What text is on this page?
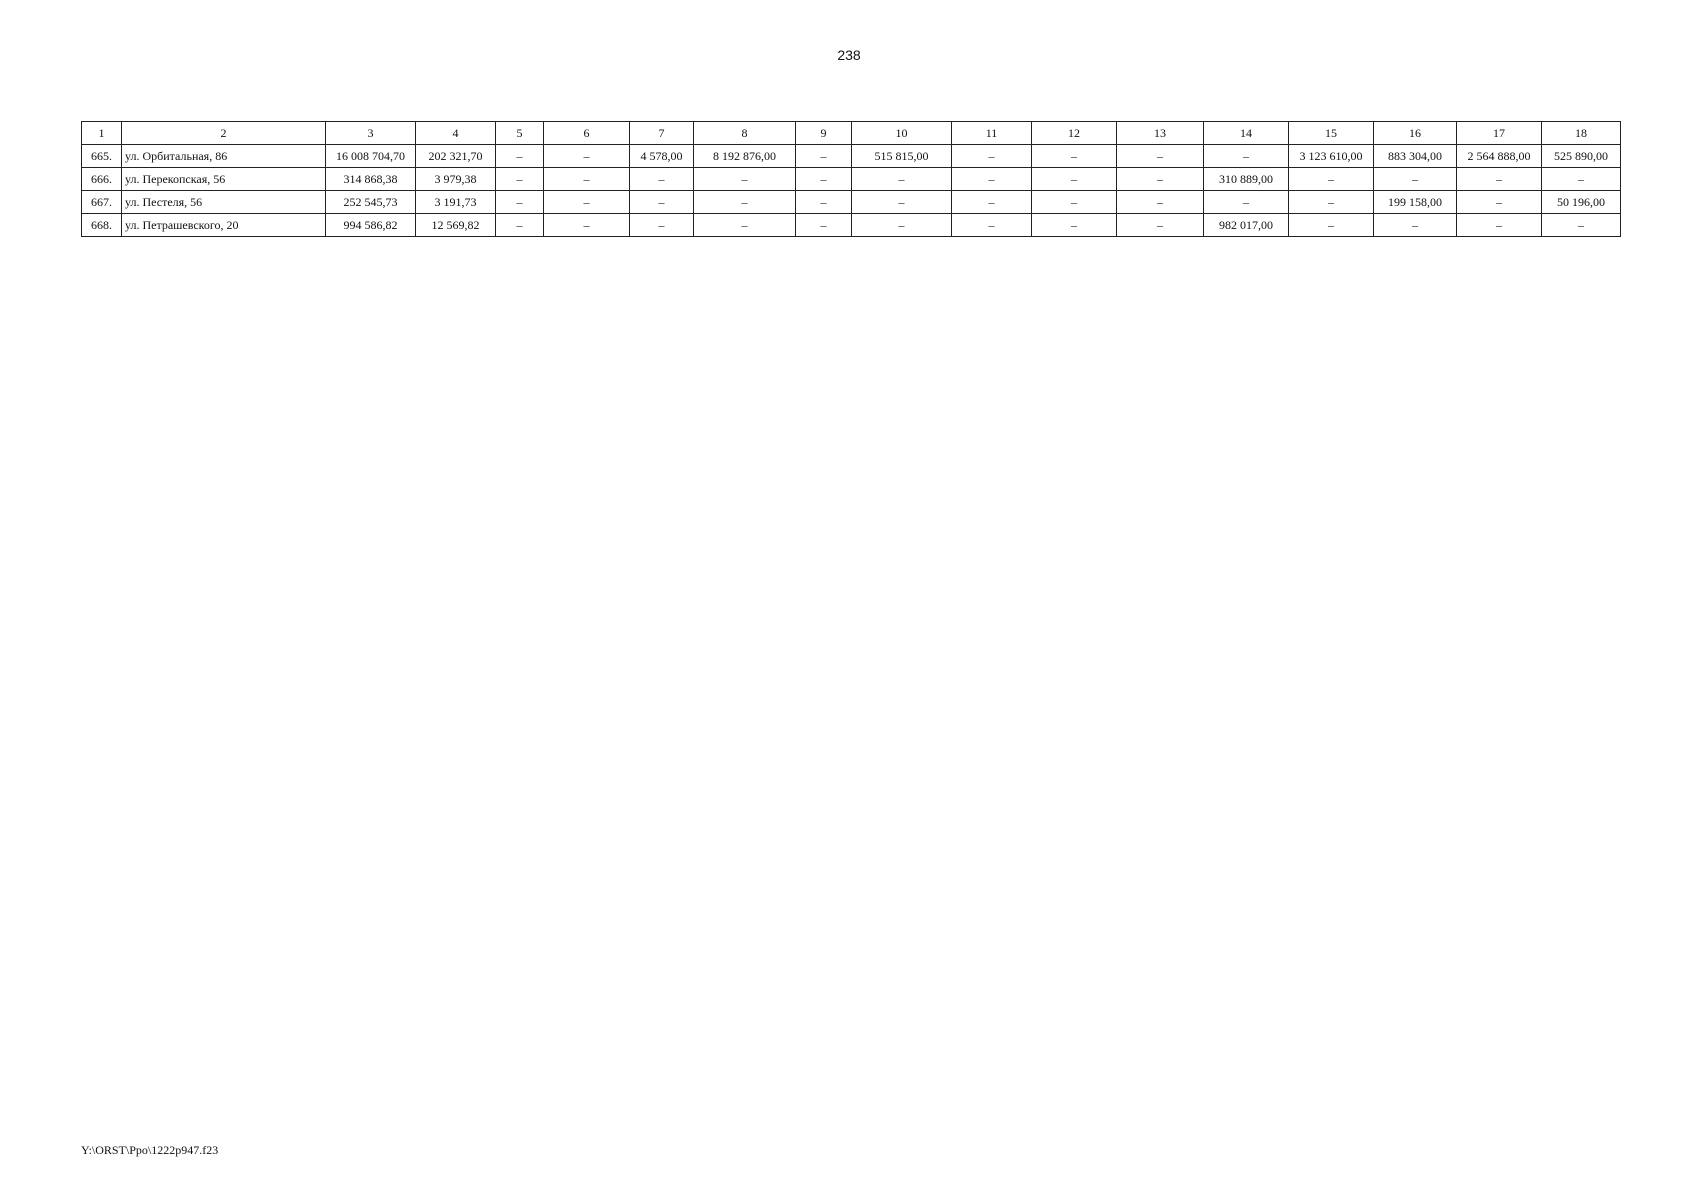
238
1	2	3	4	5	6	7	8	9	10	11	12	13	14	15	16	17	18
665.	ул. Орбитальная, 86	16 008 704,70	202 321,70	–	–	4 578,00	8 192 876,00	–	515 815,00	–	–	–	–	3 123 610,00	883 304,00	2 564 888,00	525 890,00
666.	ул. Перекопская, 56	314 868,38	3 979,38	–	–	–	–	–	–	–	–	–	310 889,00	–	–	–	–
667.	ул. Пестеля, 56	252 545,73	3 191,73	–	–	–	–	–	–	–	–	–	–	–	199 158,00	–	50 196,00
668.	ул. Петрашевского, 20	994 586,82	12 569,82	–	–	–	–	–	–	–	–	–	982 017,00	–	–	–	–
Y:\ORST\Ppo\1222p947.f23
